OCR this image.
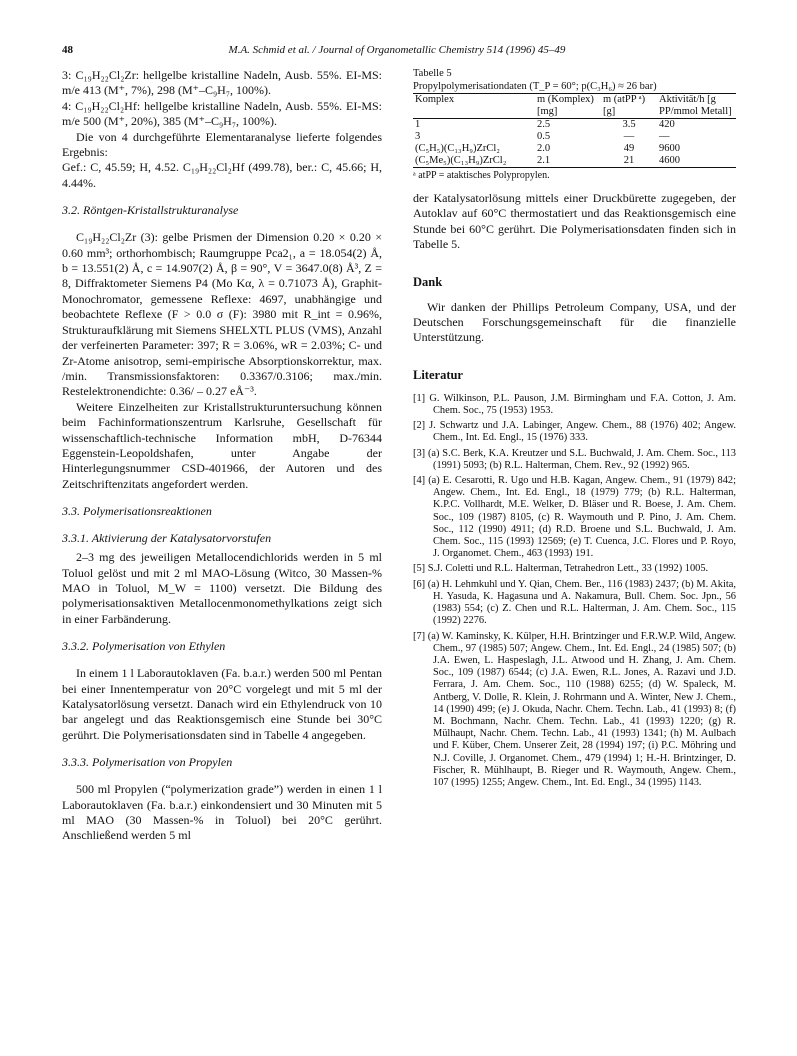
48	M.A. Schmid et al. / Journal of Organometallic Chemistry 514 (1996) 45–49

3: C₁₉H₂₂Cl₂Zr: hellgelbe kristalline Nadeln, Ausb. 55%. EI-MS: m/e 413 (M⁺, 7%), 298 (M⁺–C₉H₇, 100%).

4: C₁₉H₂₂Cl₂Hf: hellgelbe kristalline Nadeln, Ausb. 55%. EI-MS: m/e 500 (M⁺, 20%), 385 (M⁺–C₉H₇, 100%).

Die von 4 durchgeführte Elementaranalyse lieferte folgendes Ergebnis:

Gef.: C, 45.59; H, 4.52. C₁₉H₂₂Cl₂Hf (499.78), ber.: C, 45.66; H, 4.44%.

3.2. Röntgen-Kristallstrukturanalyse

C₁₉H₂₂Cl₂Zr (3): gelbe Prismen der Dimension 0.20 × 0.20 × 0.60 mm³; orthorhombisch; Raumgruppe Pca2₁, a = 18.054(2) Å, b = 13.551(2) Å, c = 14.907(2) Å, β = 90°, V = 3647.0(8) Å³, Z = 8, Diffraktometer Siemens P4 (Mo Kα, λ = 0.71073 Å), Graphit-Monochromator, gemessene Reflexe: 4697, unabhängige und beobachtete Reflexe (F > 0.0 σ (F): 3980 mit R_int = 0.96%, Strukturaufklärung mit Siemens SHELXTL PLUS (VMS), Anzahl der verfeinerten Parameter: 397; R = 3.06%, wR = 2.03%; C- und Zr-Atome anisotrop, semi-empirische Absorptionskorrektur, max. /min. Transmissionsfaktoren: 0.3367/0.3106; max./min. Restelektronendichte: 0.36/ – 0.27 eÅ⁻³.

Weitere Einzelheiten zur Kristallstrukturuntersuchung können beim Fachinformationszentrum Karlsruhe, Gesellschaft für wissenschaftlich-technische Information mbH, D-76344 Eggenstein-Leopoldshafen, unter Angabe der Hinterlegungsnummer CSD-401966, der Autoren und des Zeitschriftenzitats angefordert werden.

3.3. Polymerisationsreaktionen
3.3.1. Aktivierung der Katalysatorvorstufen

2–3 mg des jeweiligen Metallocendichlorids werden in 5 ml Toluol gelöst und mit 2 ml MAO-Lösung (Witco, 30 Massen-% MAO in Toluol, M_W = 1100) versetzt. Die Bildung des polymerisationsaktiven Metallocenmonomethylkations zeigt sich in einer Farbänderung.

3.3.2. Polymerisation von Ethylen

In einem 1 l Laborautoklaven (Fa. b.a.r.) werden 500 ml Pentan bei einer Innentemperatur von 20°C vorgelegt und mit 5 ml der Katalysatorlösung versetzt. Danach wird ein Ethylendruck von 10 bar angelegt und das Reaktionsgemisch eine Stunde bei 30°C gerührt. Die Polymerisationsdaten sind in Tabelle 4 angegeben.

3.3.3. Polymerisation von Propylen

500 ml Propylen (“polymerization grade”) werden in einen 1 l Laborautoklaven (Fa. b.a.r.) einkondensiert und 30 Minuten mit 5 ml MAO (30 Massen-% in Toluol) bei 20°C gerührt. Anschließend werden 5 ml

Tabelle 5
Propylpolymerisationdaten (T_P = 60°; p(C₃H₆) ≈ 26 bar)
Komplex	m (Komplex) [mg]	m (atPP ᵃ) [g]	Aktivität/h [g PP/mmol Metall]
1	2.5	3.5	420
3	0.5	—	—
(C₅H₅)(C₁₃H₉)ZrCl₂	2.0	49	9600
(C₅Me₅)(C₁₃H₉)ZrCl₂	2.1	21	4600
ᵃ atPP = ataktisches Polypropylen.

der Katalysatorlösung mittels einer Druckbürette zugegeben, der Autoklav auf 60°C thermostatiert und das Reaktionsgemisch eine Stunde bei 60°C gerührt. Die Polymerisationsdaten finden sich in Tabelle 5.

Dank

Wir danken der Phillips Petroleum Company, USA, und der Deutschen Forschungsgemeinschaft für die finanzielle Unterstützung.

Literatur
[1] G. Wilkinson, P.L. Pauson, J.M. Birmingham und F.A. Cotton, J. Am. Chem. Soc., 75 (1953) 1953.
[2] J. Schwartz und J.A. Labinger, Angew. Chem., 88 (1976) 402; Angew. Chem., Int. Ed. Engl., 15 (1976) 333.
[3] (a) S.C. Berk, K.A. Kreutzer und S.L. Buchwald, J. Am. Chem. Soc., 113 (1991) 5093; (b) R.L. Halterman, Chem. Rev., 92 (1992) 965.
[4] (a) E. Cesarotti, R. Ugo und H.B. Kagan, Angew. Chem., 91 (1979) 842; Angew. Chem., Int. Ed. Engl., 18 (1979) 779; (b) R.L. Halterman, K.P.C. Vollhardt, M.E. Welker, D. Bläser und R. Boese, J. Am. Chem. Soc., 109 (1987) 8105, (c) R. Waymouth und P. Pino, J. Am. Chem. Soc., 112 (1990) 4911; (d) R.D. Broene und S.L. Buchwald, J. Am. Chem. Soc., 115 (1993) 12569; (e) T. Cuenca, J.C. Flores und P. Royo, J. Organomet. Chem., 463 (1993) 191.
[5] S.J. Coletti und R.L. Halterman, Tetrahedron Lett., 33 (1992) 1005.
[6] (a) H. Lehmkuhl und Y. Qian, Chem. Ber., 116 (1983) 2437; (b) M. Akita, H. Yasuda, K. Hagasuna und A. Nakamura, Bull. Chem. Soc. Jpn., 56 (1983) 554; (c) Z. Chen und R.L. Halterman, J. Am. Chem. Soc., 115 (1992) 2276.
[7] (a) W. Kaminsky, K. Külper, H.H. Brintzinger und F.R.W.P. Wild, Angew. Chem., 97 (1985) 507; Angew. Chem., Int. Ed. Engl., 24 (1985) 507; (b) J.A. Ewen, L. Haspeslagh, J.L. Atwood und H. Zhang, J. Am. Chem. Soc., 109 (1987) 6544; (c) J.A. Ewen, R.L. Jones, A. Razavi und J.D. Ferrara, J. Am. Chem. Soc., 110 (1988) 6255; (d) W. Spaleck, M. Antberg, V. Dolle, R. Klein, J. Rohrmann und A. Winter, New J. Chem., 14 (1990) 499; (e) J. Okuda, Nachr. Chem. Techn. Lab., 41 (1993) 8; (f) M. Bochmann, Nachr. Chem. Techn. Lab., 41 (1993) 1220; (g) R. Mülhaupt, Nachr. Chem. Techn. Lab., 41 (1993) 1341; (h) M. Aulbach und F. Küber, Chem. Unserer Zeit, 28 (1994) 197; (i) P.C. Möhring und N.J. Coville, J. Organomet. Chem., 479 (1994) 1; H.-H. Brintzinger, D. Fischer, R. Mühlhaupt, B. Rieger und R. Waymouth, Angew. Chem., 107 (1995) 1255; Angew. Chem., Int. Ed. Engl., 34 (1995) 1143.
